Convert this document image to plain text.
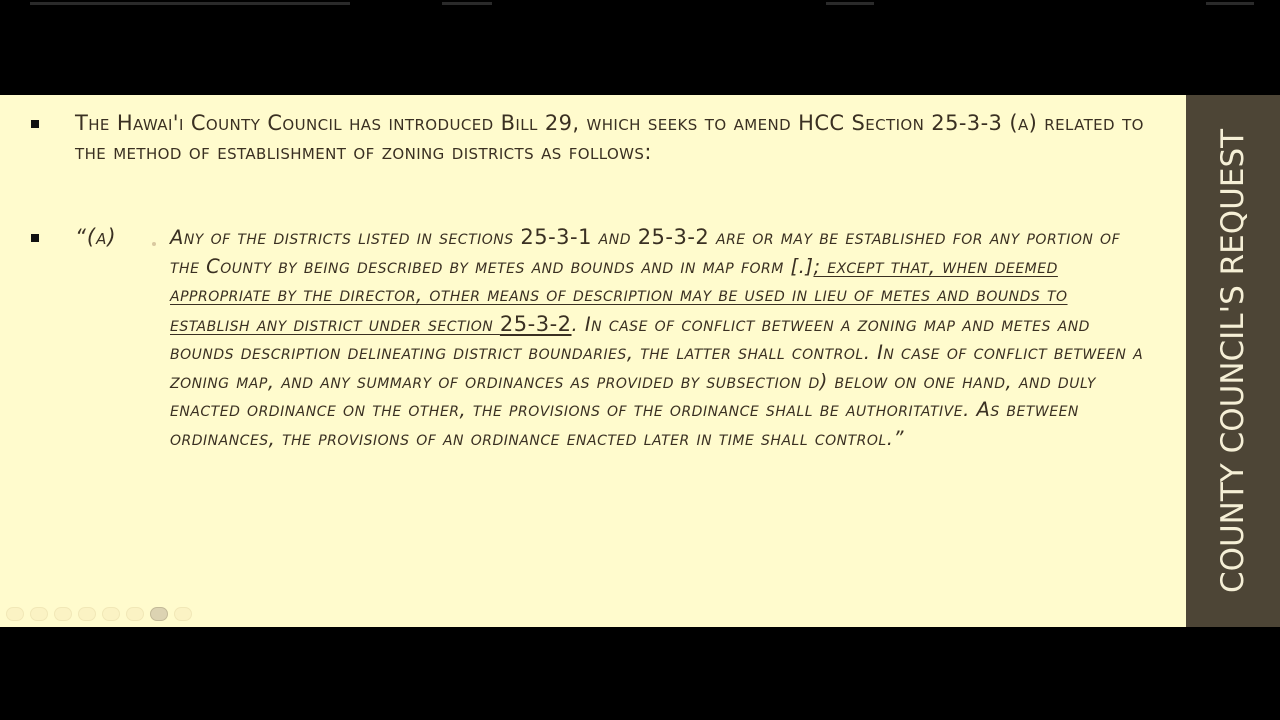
The Hawai'i County Council has introduced Bill 29, which seeks to amend HCC Section 25-3-3 (a) related to the method of establishment of zoning districts as follows:
“(a)	Any of the districts listed in sections 25-3-1 and 25-3-2 are or may be established for any portion of the County by being described by metes and bounds and in map form [.]; except that, when deemed appropriate by the director, other means of description may be used in lieu of metes and bounds to establish any district under section 25-3-2. In case of conflict between a zoning map and metes and bounds description delineating district boundaries, the latter shall control. In case of conflict between a zoning map, and any summary of ordinances as provided by subsection d) below on one hand, and duly enacted ordinance on the other, the provisions of the ordinance shall be authoritative. As between ordinances, the provisions of an ordinance enacted later in time shall control.”	COUNTY COUNCIL'S REQUEST
